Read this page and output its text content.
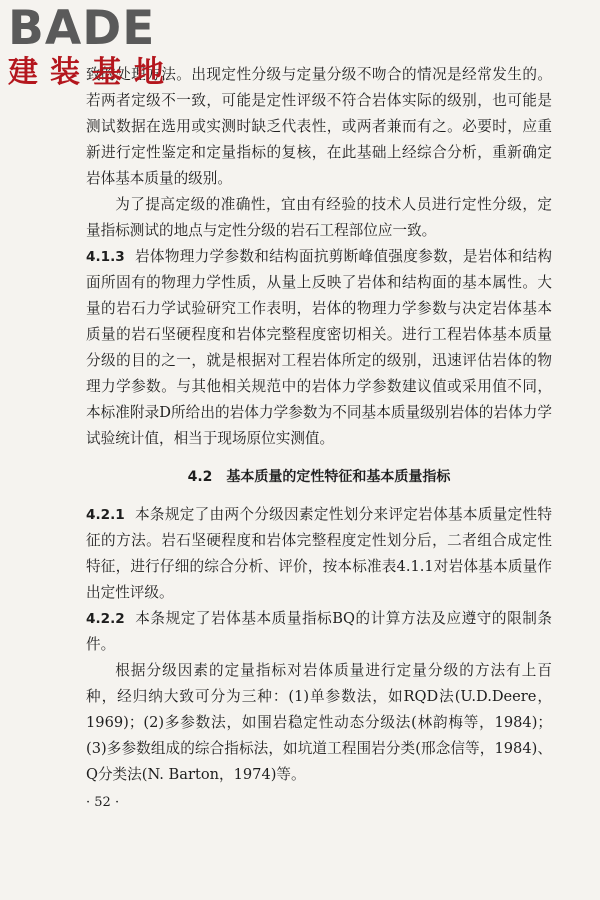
BADE
建装基地

致的处理方法。出现定性分级与定量分级不吻合的情况是经常发生的。若两者定级不一致，可能是定性评级不符合岩体实际的级别，也可能是测试数据在选用或实测时缺乏代表性，或两者兼而有之。必要时，应重新进行定性鉴定和定量指标的复核，在此基础上经综合分析，重新确定岩体基本质量的级别。

为了提高定级的准确性，宜由有经验的技术人员进行定性分级，定量指标测试的地点与定性分级的岩石工程部位应一致。

4.1.3 岩体物理力学参数和结构面抗剪断峰值强度参数，是岩体和结构面所固有的物理力学性质，从量上反映了岩体和结构面的基本属性。大量的岩石力学试验研究工作表明，岩体的物理力学参数与决定岩体基本质量的岩石坚硬程度和岩体完整程度密切相关。进行工程岩体基本质量分级的目的之一，就是根据对工程岩体所定的级别，迅速评估岩体的物理力学参数。与其他相关规范中的岩体力学参数建议值或采用值不同，本标准附录D所给出的岩体力学参数为不同基本质量级别岩体的岩体力学试验统计值，相当于现场原位实测值。

4.2 基本质量的定性特征和基本质量指标

4.2.1 本条规定了由两个分级因素定性划分来评定岩体基本质量定性特征的方法。岩石坚硬程度和岩体完整程度定性划分后，二者组合成定性特征，进行仔细的综合分析、评价，按本标准表4.1.1对岩体基本质量作出定性评级。

4.2.2 本条规定了岩体基本质量指标BQ的计算方法及应遵守的限制条件。

根据分级因素的定量指标对岩体质量进行定量分级的方法有上百种，经归纳大致可分为三种：(1)单参数法，如RQD法(U.D.Deere，1969)；(2)多参数法，如围岩稳定性动态分级法(林韵梅等，1984)；(3)多参数组成的综合指标法，如坑道工程围岩分类(邢念信等，1984)、Q分类法(N. Barton，1974)等。

· 52 ·
